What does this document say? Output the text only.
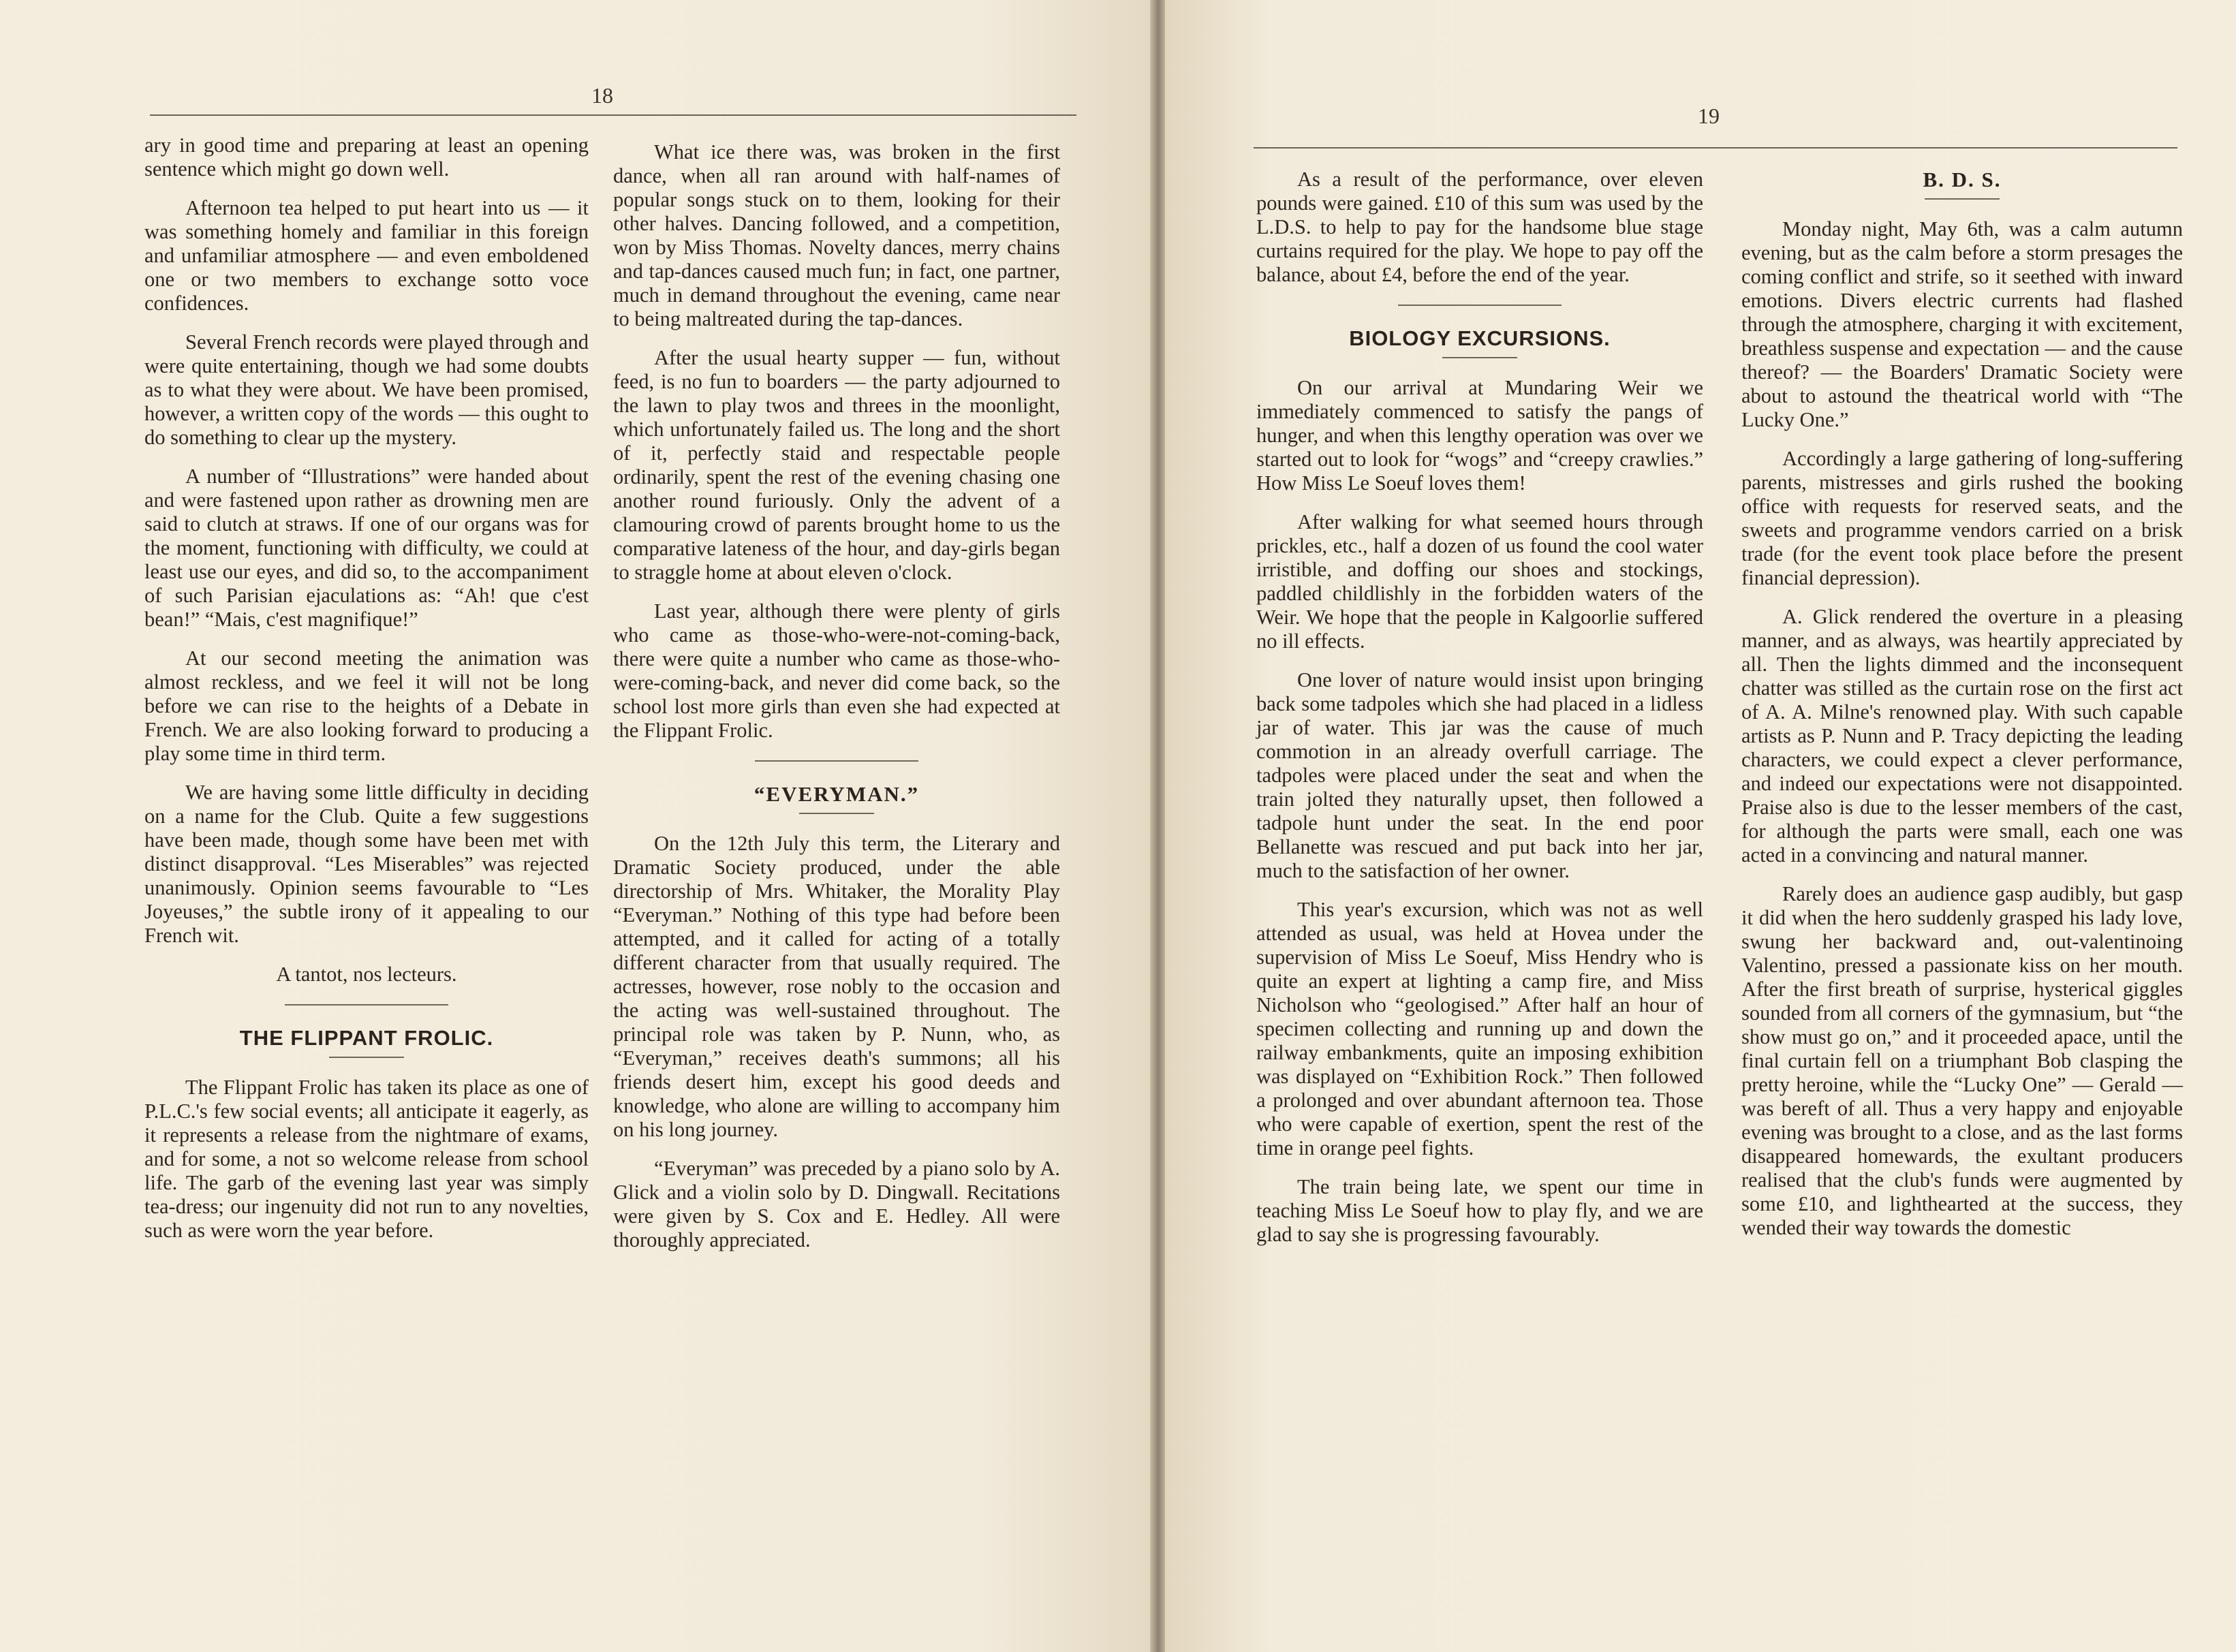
18

ary in good time and preparing at least an opening sentence which might go down well.

Afternoon tea helped to put heart into us — it was something homely and familiar in this foreign and unfamiliar atmosphere — and even emboldened one or two members to exchange sotto voce confidences.

Several French records were played through and were quite entertaining, though we had some doubts as to what they were about. We have been promised, however, a written copy of the words — this ought to do something to clear up the mystery.

A number of “Illustrations” were handed about and were fastened upon rather as drowning men are said to clutch at straws. If one of our organs was for the moment, functioning with difficulty, we could at least use our eyes, and did so, to the accompaniment of such Parisian ejaculations as: “Ah! que c'est bean!” “Mais, c'est magnifique!”

At our second meeting the animation was almost reckless, and we feel it will not be long before we can rise to the heights of a Debate in French. We are also looking forward to producing a play some time in third term.

We are having some little difficulty in deciding on a name for the Club. Quite a few suggestions have been made, though some have been met with distinct disapproval. “Les Miserables” was rejected unanimously. Opinion seems favourable to “Les Joyeuses,” the subtle irony of it appealing to our French wit.

A tantot, nos lecteurs.

THE FLIPPANT FROLIC.

The Flippant Frolic has taken its place as one of P.L.C.'s few social events; all anticipate it eagerly, as it represents a release from the nightmare of exams, and for some, a not so welcome release from school life. The garb of the evening last year was simply tea-dress; our ingenuity did not run to any novelties, such as were worn the year before.

What ice there was, was broken in the first dance, when all ran around with half-names of popular songs stuck on to them, looking for their other halves. Dancing followed, and a competition, won by Miss Thomas. Novelty dances, merry chains and tap-dances caused much fun; in fact, one partner, much in demand throughout the evening, came near to being maltreated during the tap-dances.

After the usual hearty supper — fun, without feed, is no fun to boarders — the party adjourned to the lawn to play twos and threes in the moonlight, which unfortunately failed us. The long and the short of it, perfectly staid and respectable people ordinarily, spent the rest of the evening chasing one another round furiously. Only the advent of a clamouring crowd of parents brought home to us the comparative lateness of the hour, and day-girls began to straggle home at about eleven o'clock.

Last year, although there were plenty of girls who came as those-who-were-not-coming-back, there were quite a number who came as those-who-were-coming-back, and never did come back, so the school lost more girls than even she had expected at the Flippant Frolic.

“EVERYMAN.”

On the 12th July this term, the Literary and Dramatic Society produced, under the able directorship of Mrs. Whitaker, the Morality Play “Everyman.” Nothing of this type had before been attempted, and it called for acting of a totally different character from that usually required. The actresses, however, rose nobly to the occasion and the acting was well-sustained throughout. The principal role was taken by P. Nunn, who, as “Everyman,” receives death's summons; all his friends desert him, except his good deeds and knowledge, who alone are willing to accompany him on his long journey.

“Everyman” was preceded by a piano solo by A. Glick and a violin solo by D. Dingwall. Recitations were given by S. Cox and E. Hedley. All were thoroughly appreciated.

19

As a result of the performance, over eleven pounds were gained. £10 of this sum was used by the L.D.S. to help to pay for the handsome blue stage curtains required for the play. We hope to pay off the balance, about £4, before the end of the year.

BIOLOGY EXCURSIONS.

On our arrival at Mundaring Weir we immediately commenced to satisfy the pangs of hunger, and when this lengthy operation was over we started out to look for “wogs” and “creepy crawlies.” How Miss Le Soeuf loves them!

After walking for what seemed hours through prickles, etc., half a dozen of us found the cool water irristible, and doffing our shoes and stockings, paddled childlishly in the forbidden waters of the Weir. We hope that the people in Kalgoorlie suffered no ill effects.

One lover of nature would insist upon bringing back some tadpoles which she had placed in a lidless jar of water. This jar was the cause of much commotion in an already overfull carriage. The tadpoles were placed under the seat and when the train jolted they naturally upset, then followed a tadpole hunt under the seat. In the end poor Bellanette was rescued and put back into her jar, much to the satisfaction of her owner.

This year's excursion, which was not as well attended as usual, was held at Hovea under the supervision of Miss Le Soeuf, Miss Hendry who is quite an expert at lighting a camp fire, and Miss Nicholson who “geologised.” After half an hour of specimen collecting and running up and down the railway embankments, quite an imposing exhibition was displayed on “Exhibition Rock.” Then followed a prolonged and over abundant afternoon tea. Those who were capable of exertion, spent the rest of the time in orange peel fights.

The train being late, we spent our time in teaching Miss Le Soeuf how to play fly, and we are glad to say she is progressing favourably.

B. D. S.

Monday night, May 6th, was a calm autumn evening, but as the calm before a storm presages the coming conflict and strife, so it seethed with inward emotions. Divers electric currents had flashed through the atmosphere, charging it with excitement, breathless suspense and expectation — and the cause thereof? — the Boarders' Dramatic Society were about to astound the theatrical world with “The Lucky One.”

Accordingly a large gathering of long-suffering parents, mistresses and girls rushed the booking office with requests for reserved seats, and the sweets and programme vendors carried on a brisk trade (for the event took place before the present financial depression).

A. Glick rendered the overture in a pleasing manner, and as always, was heartily appreciated by all. Then the lights dimmed and the inconsequent chatter was stilled as the curtain rose on the first act of A. A. Milne's renowned play. With such capable artists as P. Nunn and P. Tracy depicting the leading characters, we could expect a clever performance, and indeed our expectations were not disappointed. Praise also is due to the lesser members of the cast, for although the parts were small, each one was acted in a convincing and natural manner.

Rarely does an audience gasp audibly, but gasp it did when the hero suddenly grasped his lady love, swung her backward and, out-valentinoing Valentino, pressed a passionate kiss on her mouth. After the first breath of surprise, hysterical giggles sounded from all corners of the gymnasium, but “the show must go on,” and it proceeded apace, until the final curtain fell on a triumphant Bob clasping the pretty heroine, while the “Lucky One” — Gerald — was bereft of all. Thus a very happy and enjoyable evening was brought to a close, and as the last forms disappeared homewards, the exultant producers realised that the club's funds were augmented by some £10, and lighthearted at the success, they wended their way towards the domestic
